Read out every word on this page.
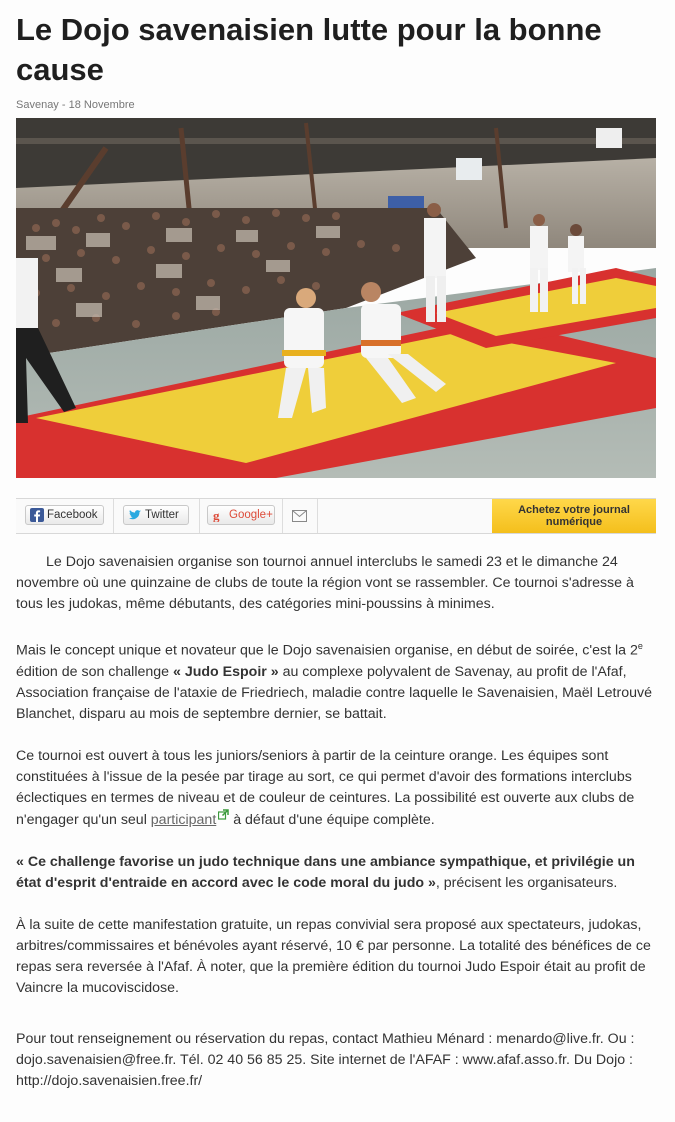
Le Dojo savenaisien lutte pour la bonne cause
Savenay - 18 Novembre
Facebook	Twitter	g Google+	Achetez votre journal
numérique

Le Dojo savenaisien organise son tournoi annuel interclubs le samedi 23 et le dimanche 24 novembre où une quinzaine de clubs de toute la région vont se rassembler. Ce tournoi s'adresse à tous les judokas, même débutants, des catégories mini-poussins à minimes.

Mais le concept unique et novateur que le Dojo savenaisien organise, en début de soirée, c'est la 2e édition de son challenge « Judo Espoir » au complexe polyvalent de Savenay, au profit de l'Afaf, Association française de l'ataxie de Friedriech, maladie contre laquelle le Savenaisien, Maël Letrouvé Blanchet, disparu au mois de septembre dernier, se battait.

Ce tournoi est ouvert à tous les juniors/seniors à partir de la ceinture orange. Les équipes sont constituées à l'issue de la pesée par tirage au sort, ce qui permet d'avoir des formations interclubs éclectiques en termes de niveau et de couleur de ceintures. La possibilité est ouverte aux clubs de n'engager qu'un seul participant à défaut d'une équipe complète.

« Ce challenge favorise un judo technique dans une ambiance sympathique, et privilégie un état d'esprit d'entraide en accord avec le code moral du judo », précisent les organisateurs.

À la suite de cette manifestation gratuite, un repas convivial sera proposé aux spectateurs, judokas, arbitres/commissaires et bénévoles ayant réservé, 10 € par personne. La totalité des bénéfices de ce repas sera reversée à l'Afaf. À noter, que la première édition du tournoi Judo Espoir était au profit de Vaincre la mucoviscidose.

Pour tout renseignement ou réservation du repas, contact Mathieu Ménard : menardo@live.fr. Ou : dojo.savenaisien@free.fr. Tél. 02 40 56 85 25. Site internet de l'AFAF : www.afaf.asso.fr. Du Dojo : http://dojo.savenaisien.free.fr/
